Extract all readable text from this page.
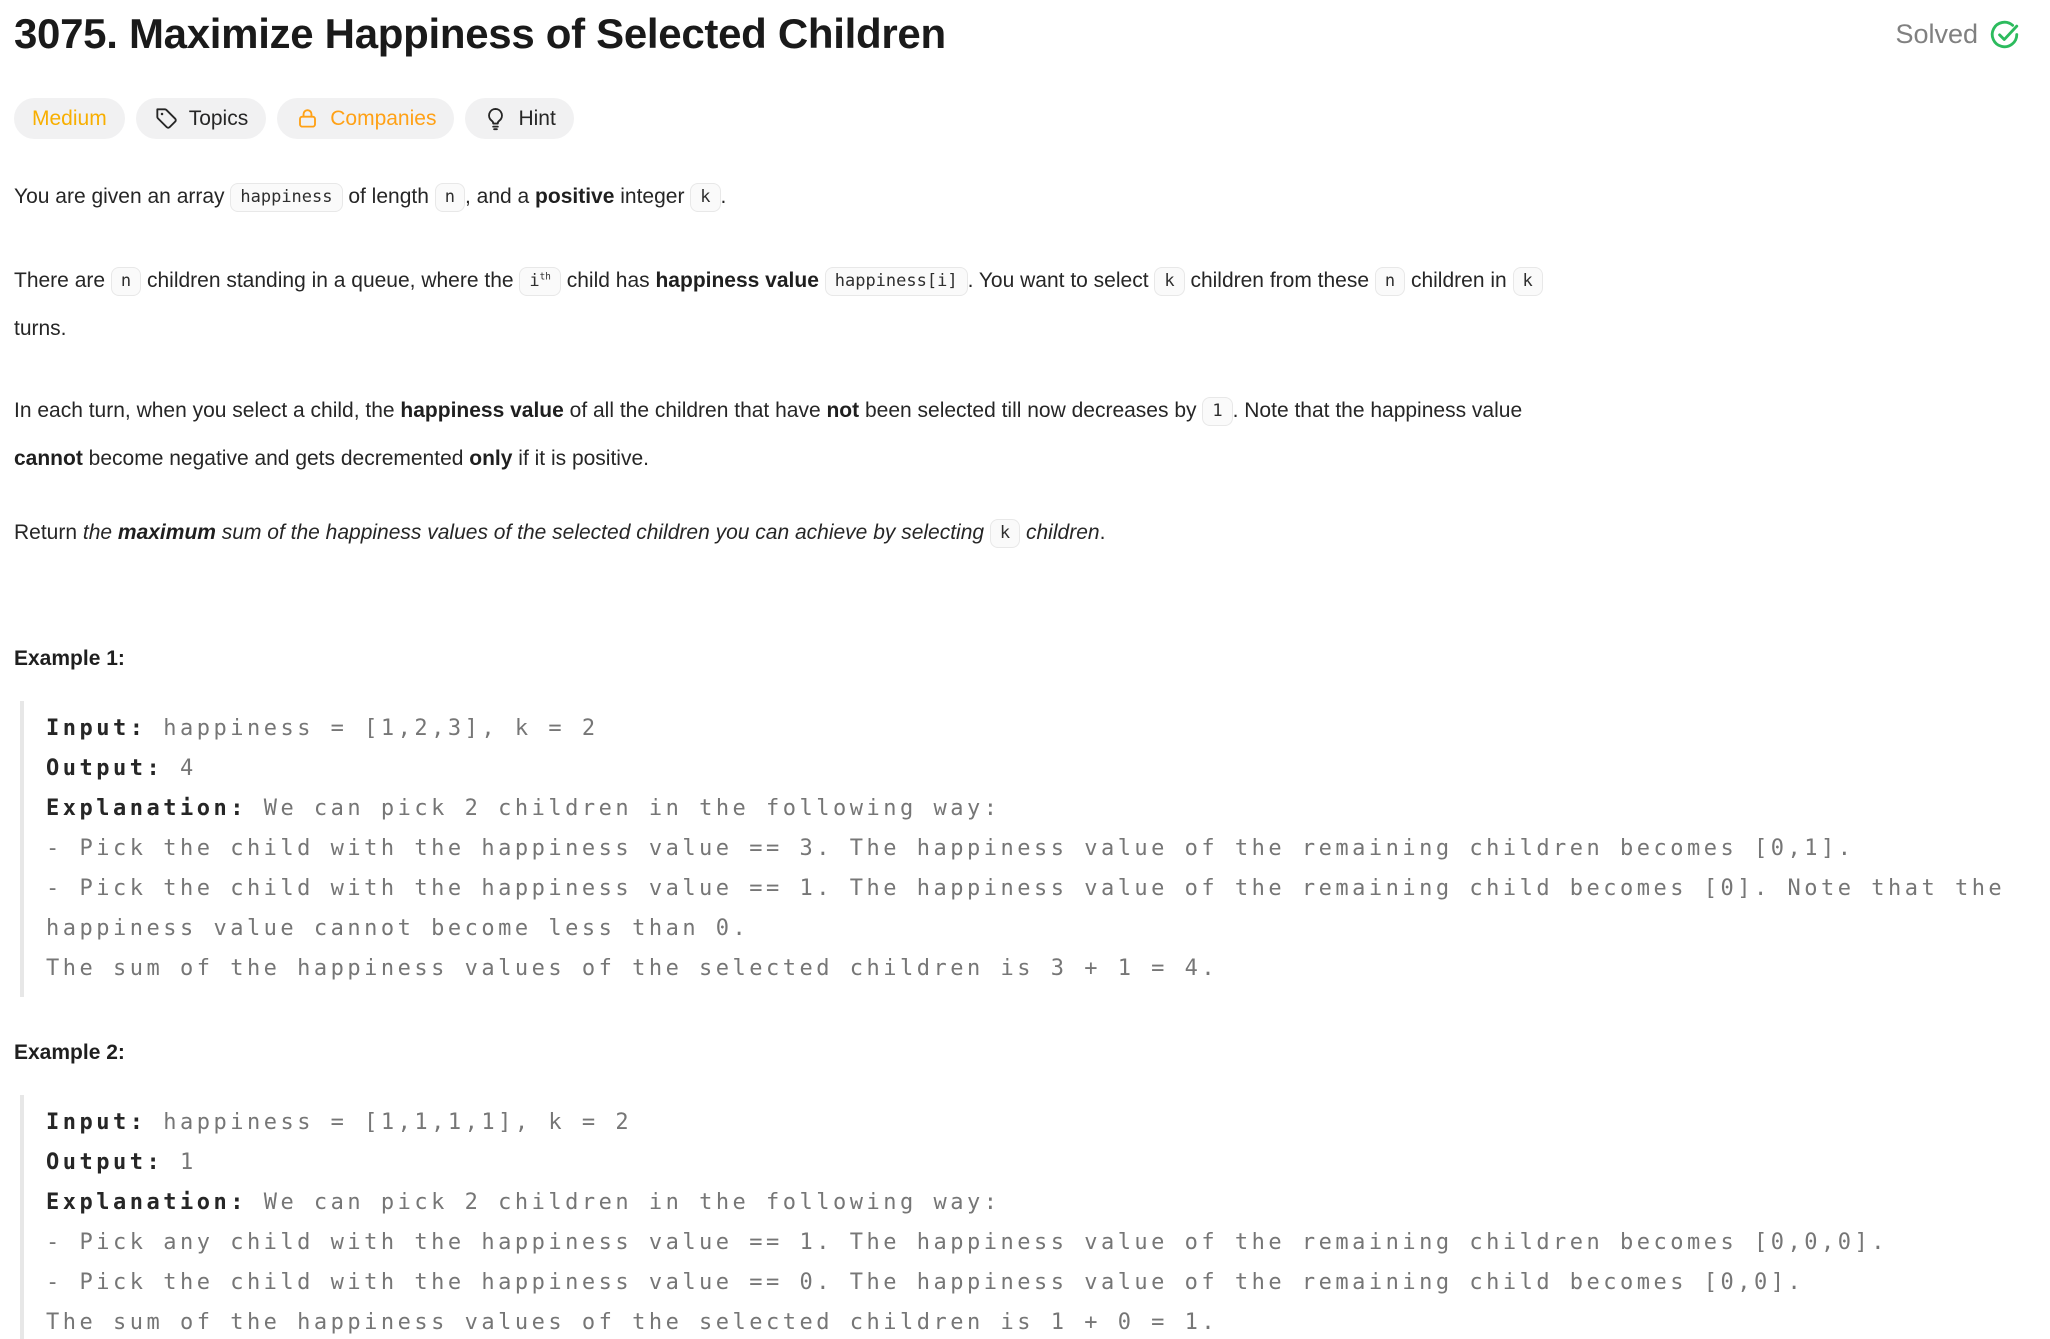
3075. Maximize Happiness of Selected Children	Solved
Medium	Topics	Companies	Hint

You are given an array happiness of length n , and a positive integer k .

There are n children standing in a queue, where the $i^{th}$ child has happiness value happiness[i] . You want to select k children from these n children in k
turns.

In each turn, when you select a child, the happiness value of all the children that have not been selected till now decreases by 1 . Note that the happiness value
cannot become negative and gets decremented only if it is positive.

Return the maximum sum of the happiness values of the selected children you can achieve by selecting k children.

Example 1:
Input: happiness = [1,2,3], k = 2
Output: 4
Explanation: We can pick 2 children in the following way:
- Pick the child with the happiness value == 3. The happiness value of the remaining children becomes [0,1].
- Pick the child with the happiness value == 1. The happiness value of the remaining child becomes [0]. Note that the happiness value cannot become less than 0.
The sum of the happiness values of the selected children is 3 + 1 = 4.
Example 2:
Input: happiness = [1,1,1,1], k = 2
Output: 1
Explanation: We can pick 2 children in the following way:
- Pick any child with the happiness value == 1. The happiness value of the remaining children becomes [0,0,0].
- Pick the child with the happiness value == 0. The happiness value of the remaining child becomes [0,0].
The sum of the happiness values of the selected children is 1 + 0 = 1.
